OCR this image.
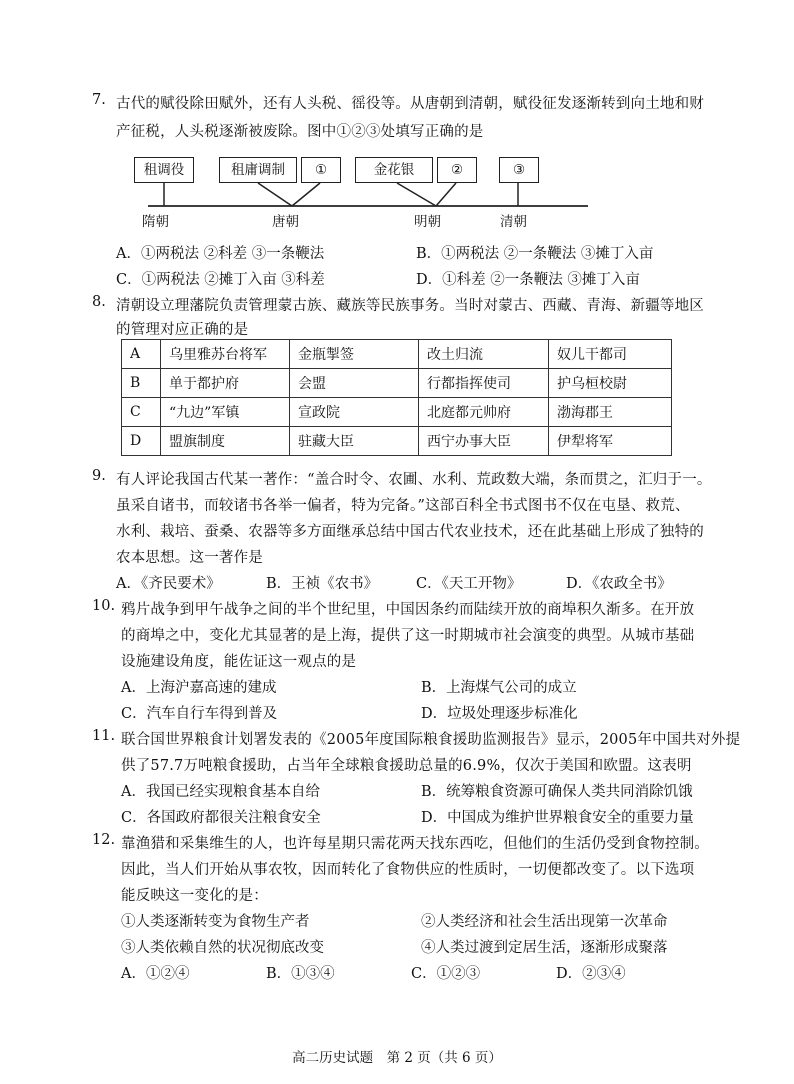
7. 古代的赋役除田赋外，还有人头税、徭役等。从唐朝到清朝，赋役征发逐渐转到向土地和财
产征税，人头税逐渐被废除。图中①②③处填写正确的是
租调役	租庸调制	①	金花银	②	③
隋朝	唐朝	明朝	清朝
A．①两税法 ②科差 ③一条鞭法	B．①两税法 ②一条鞭法 ③摊丁入亩
C．①两税法 ②摊丁入亩 ③科差	D．①科差 ②一条鞭法 ③摊丁入亩
8. 清朝设立理藩院负责管理蒙古族、藏族等民族事务。当时对蒙古、西藏、青海、新疆等地区
的管理对应正确的是
A	乌里雅苏台将军	金瓶掣签	改土归流	奴儿干都司
B	单于都护府	会盟	行都指挥使司	护乌桓校尉
C	“九边”军镇	宣政院	北庭都元帅府	渤海郡王
D	盟旗制度	驻藏大臣	西宁办事大臣	伊犁将军
9. 有人评论我国古代某一著作：“盖合时令、农圃、水利、荒政数大端，条而贯之，汇归于一。
虽采自诸书，而较诸书各举一偏者，特为完备。”这部百科全书式图书不仅在屯垦、救荒、
水利、栽培、蚕桑、农器等多方面继承总结中国古代农业技术，还在此基础上形成了独特的
农本思想。这一著作是
A．《齐民要术》	B．王祯《农书》	C．《天工开物》	D．《农政全书》
10. 鸦片战争到甲午战争之间的半个世纪里，中国因条约而陆续开放的商埠积久渐多。在开放
的商埠之中，变化尤其显著的是上海，提供了这一时期城市社会演变的典型。从城市基础
设施建设角度，能佐证这一观点的是
A．上海沪嘉高速的建成	B．上海煤气公司的成立
C．汽车自行车得到普及	D．垃圾处理逐步标准化
11. 联合国世界粮食计划署发表的《2005年度国际粮食援助监测报告》显示，2005年中国共对外提
供了57.7万吨粮食援助，占当年全球粮食援助总量的6.9%，仅次于美国和欧盟。这表明
A．我国已经实现粮食基本自给	B．统筹粮食资源可确保人类共同消除饥饿
C．各国政府都很关注粮食安全	D．中国成为维护世界粮食安全的重要力量
12. 靠渔猎和采集维生的人，也许每星期只需花两天找东西吃，但他们的生活仍受到食物控制。
因此，当人们开始从事农牧，因而转化了食物供应的性质时，一切便都改变了。以下选项
能反映这一变化的是：
①人类逐渐转变为食物生产者	②人类经济和社会生活出现第一次革命
③人类依赖自然的状况彻底改变	④人类过渡到定居生活，逐渐形成聚落
A．①②④	B．①③④	C．①②③	D．②③④
高二历史试题　第 2 页（共 6 页）
